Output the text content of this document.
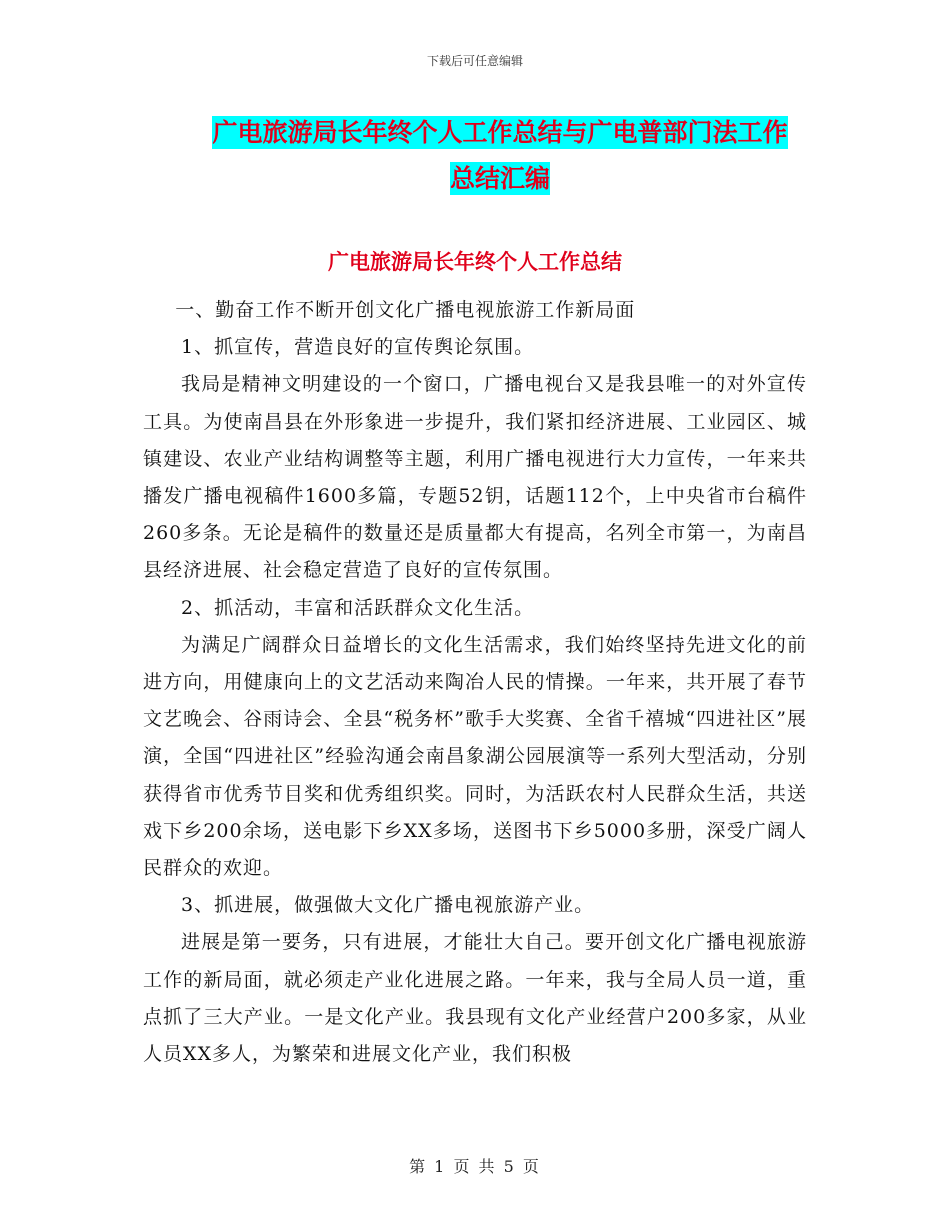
下载后可任意编辑
广电旅游局长年终个人工作总结与广电普部门法工作
总结汇编
广电旅游局长年终个人工作总结

一、勤奋工作不断开创文化广播电视旅游工作新局面

1、抓宣传，营造良好的宣传舆论氛围。

我局是精神文明建设的一个窗口，广播电视台又是我县唯一的对外宣传工具。为使南昌县在外形象进一步提升，我们紧扣经济进展、工业园区、城镇建设、农业产业结构调整等主题，利用广播电视进行大力宣传，一年来共播发广播电视稿件1600多篇，专题52钥，话题112个，上中央省市台稿件260多条。无论是稿件的数量还是质量都大有提高，名列全市第一，为南昌县经济进展、社会稳定营造了良好的宣传氛围。

2、抓活动，丰富和活跃群众文化生活。

为满足广阔群众日益增长的文化生活需求，我们始终坚持先进文化的前进方向，用健康向上的文艺活动来陶冶人民的情操。一年来，共开展了春节文艺晚会、谷雨诗会、全县“税务杯”歌手大奖赛、全省千禧城“四进社区”展演，全国“四进社区”经验沟通会南昌象湖公园展演等一系列大型活动，分别获得省市优秀节目奖和优秀组织奖。同时，为活跃农村人民群众生活，共送戏下乡200余场，送电影下乡XX多场，送图书下乡5000多册，深受广阔人民群众的欢迎。

3、抓进展，做强做大文化广播电视旅游产业。

进展是第一要务，只有进展，才能壮大自己。要开创文化广播电视旅游工作的新局面，就必须走产业化进展之路。一年来，我与全局人员一道，重点抓了三大产业。一是文化产业。我县现有文化产业经营户200多家，从业人员XX多人，为繁荣和进展文化产业，我们积极

第 1 页 共 5 页
